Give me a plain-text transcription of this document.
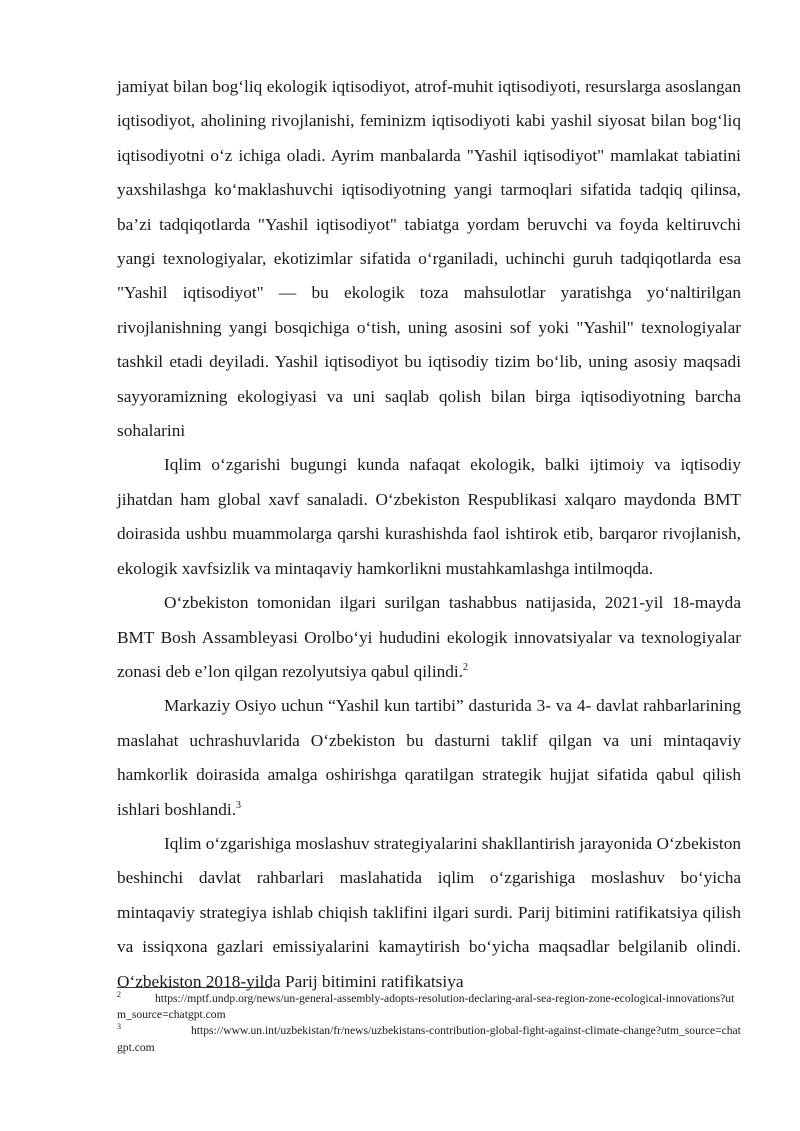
jamiyat bilan bog‘liq ekologik iqtisodiyot, atrof-muhit iqtisodiyoti, resurslarga asoslangan iqtisodiyot, aholining rivojlanishi, feminizm iqtisodiyoti kabi yashil siyosat bilan bog‘liq iqtisodiyotni o‘z ichiga oladi. Ayrim manbalarda "Yashil iqtisodiyot" mamlakat tabiatini yaxshilashga ko‘maklashuvchi iqtisodiyotning yangi tarmoqlari sifatida tadqiq qilinsa, ba’zi tadqiqotlarda "Yashil iqtisodiyot" tabiatga yordam beruvchi va foyda keltiruvchi yangi texnologiyalar, ekotizimlar sifatida o‘rganiladi, uchinchi guruh tadqiqotlarda esa "Yashil iqtisodiyot" — bu ekologik toza mahsulotlar yaratishga yo‘naltirilgan rivojlanishning yangi bosqichiga o‘tish, uning asosini sof yoki "Yashil" texnologiyalar tashkil etadi deyiladi. Yashil iqtisodiyot bu iqtisodiy tizim bo‘lib, uning asosiy maqsadi sayyoramizning ekologiyasi va uni saqlab qolish bilan birga iqtisodiyotning barcha sohalarini

Iqlim o‘zgarishi bugungi kunda nafaqat ekologik, balki ijtimoiy va iqtisodiy jihatdan ham global xavf sanaladi. O‘zbekiston Respublikasi xalqaro maydonda BMT doirasida ushbu muammolarga qarshi kurashishda faol ishtirok etib, barqaror rivojlanish, ekologik xavfsizlik va mintaqaviy hamkorlikni mustahkamlashga intilmoqda.

O‘zbekiston tomonidan ilgari surilgan tashabbus natijasida, 2021-yil 18-mayda BMT Bosh Assambleyasi Orolbo‘yi hududini ekologik innovatsiyalar va texnologiyalar zonasi deb e’lon qilgan rezolyutsiya qabul qilindi.$^2$

Markaziy Osiyo uchun “Yashil kun tartibi” dasturida 3- va 4- davlat rahbarlarining maslahat uchrashuvlarida O‘zbekiston bu dasturni taklif qilgan va uni mintaqaviy hamkorlik doirasida amalga oshirishga qaratilgan strategik hujjat sifatida qabul qilish ishlari boshlandi.$^3$

Iqlim o‘zgarishiga moslashuv strategiyalarini shakllantirish jarayonida O‘zbekiston beshinchi davlat rahbarlari maslahatida iqlim o‘zgarishiga moslashuv bo‘yicha mintaqaviy strategiya ishlab chiqish taklifini ilgari surdi. Parij bitimini ratifikatsiya qilish va issiqxona gazlari emissiyalarini kamaytirish bo‘yicha maqsadlar belgilanib olindi. O‘zbekiston 2018-yilda Parij bitimini ratifikatsiya

$^2$	https://mptf.undp.org/news/un-general-assembly-adopts-resolution-declaring-aral-sea-region-zone-ecological-innovations?utm_source=chatgpt.com

$^3$	https://www.un.int/uzbekistan/fr/news/uzbekistans-contribution-global-fight-against-climate-change?utm_source=chatgpt.com
